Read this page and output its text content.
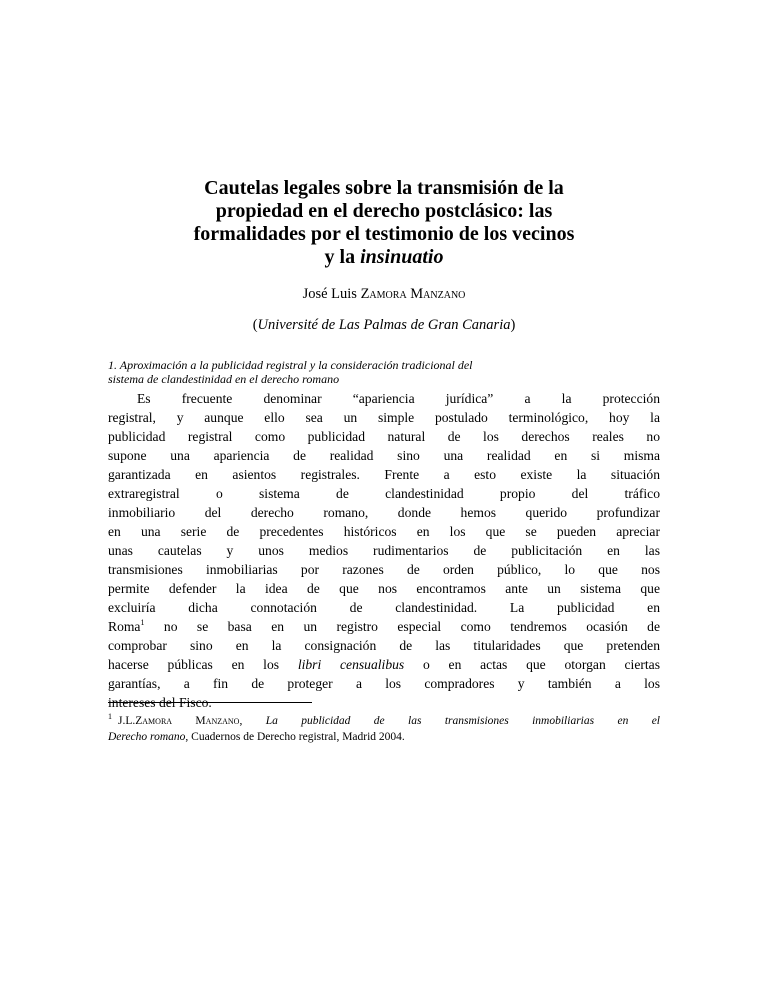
Cautelas legales sobre la transmisión de la
propiedad en el derecho postclásico: las
formalidades por el testimonio de los vecinos
y la insinuatio
José Luis Zamora Manzano
(Université de Las Palmas de Gran Canaria)
1. Aproximación a la publicidad registral y la consideración tradicional del
sistema de clandestinidad en el derecho romano
Es frecuente denominar “apariencia jurídica” a la protección
registral, y aunque ello sea un simple postulado terminológico, hoy la
publicidad registral como publicidad natural de los derechos reales no
supone una apariencia de realidad sino una realidad en si misma
garantizada en asientos registrales. Frente a esto existe la situación
extraregistral o sistema de clandestinidad propio del tráfico
inmobiliario del derecho romano, donde hemos querido profundizar
en una serie de precedentes históricos en los que se pueden apreciar
unas cautelas y unos medios rudimentarios de publicitación en las
transmisiones inmobiliarias por razones de orden público, lo que nos
permite defender la idea de que nos encontramos ante un sistema que
excluiría dicha connotación de clandestinidad. La publicidad en
Roma$^1$ no se basa en un registro especial como tendremos ocasión de
comprobar sino en la consignación de las titularidades que pretenden
hacerse públicas en los libri censualibus o en actas que otorgan ciertas
garantías, a fin de proteger a los compradores y también a los
intereses del Fisco.
$^1$ J.L.Zamora Manzano, La publicidad de las transmisiones inmobiliarias en el
Derecho romano, Cuadernos de Derecho registral, Madrid 2004.
